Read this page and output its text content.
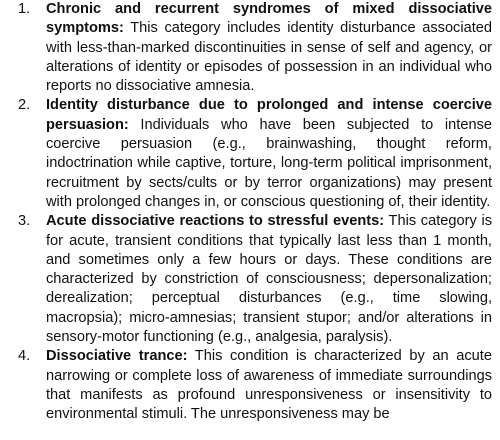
1.	Chronic and recurrent syndromes of mixed dissociative symptoms: This category includes identity disturbance associated with less-than-marked discontinuities in sense of self and agency, or alterations of identity or episodes of possession in an individual who reports no dissociative amnesia.
2.	Identity disturbance due to prolonged and intense coercive persuasion: Individuals who have been subjected to intense coercive persuasion (e.g., brainwashing, thought reform, indoctrination while captive, torture, long-term political imprisonment, recruitment by sects/cults or by terror organizations) may present with prolonged changes in, or conscious questioning of, their identity.
3.	Acute dissociative reactions to stressful events: This category is for acute, transient conditions that typically last less than 1 month, and sometimes only a few hours or days. These conditions are characterized by constriction of consciousness; depersonalization; derealization; perceptual disturbances (e.g., time slowing, macropsia); micro-amnesias; transient stupor; and/or alterations in sensory-motor functioning (e.g., analgesia, paralysis).
4.	Dissociative trance: This condition is characterized by an acute narrowing or complete loss of awareness of immediate surroundings that manifests as profound unresponsiveness or insensitivity to environmental stimuli. The unresponsiveness may be
